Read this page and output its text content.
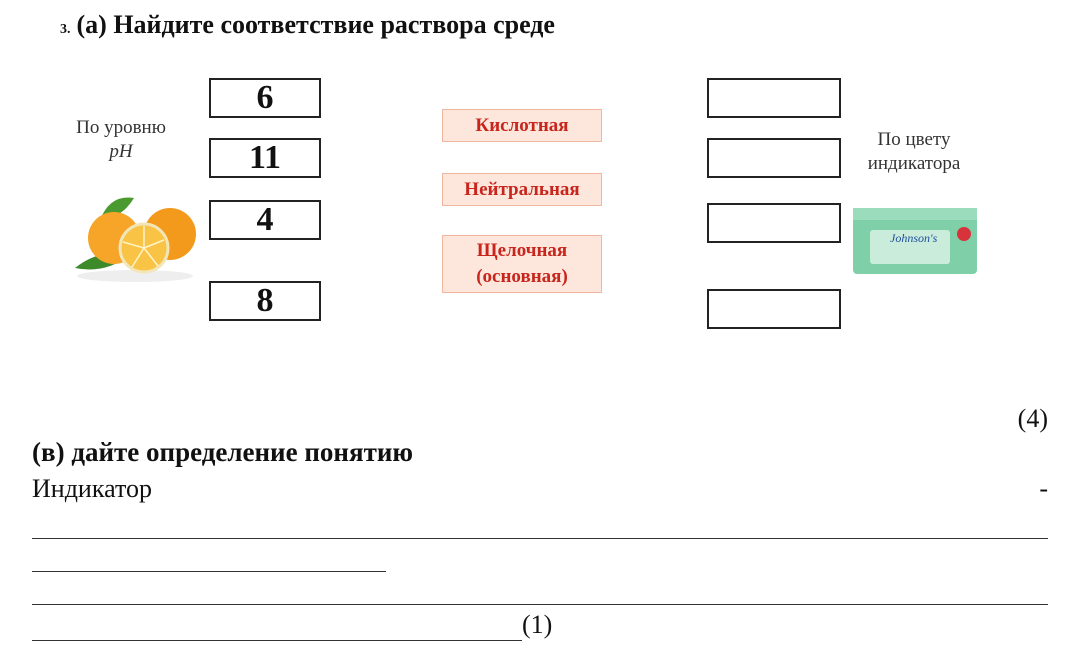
3. (а) Найдите соответствие раствора среде
По уровню
pH
6
11
4
8
Кислотная
Нейтральная
Щелочная
(основная)
По цвету
индикатора
Johnson's
(4)
(в) дайте определение понятию
Индикатор	-
(1)
